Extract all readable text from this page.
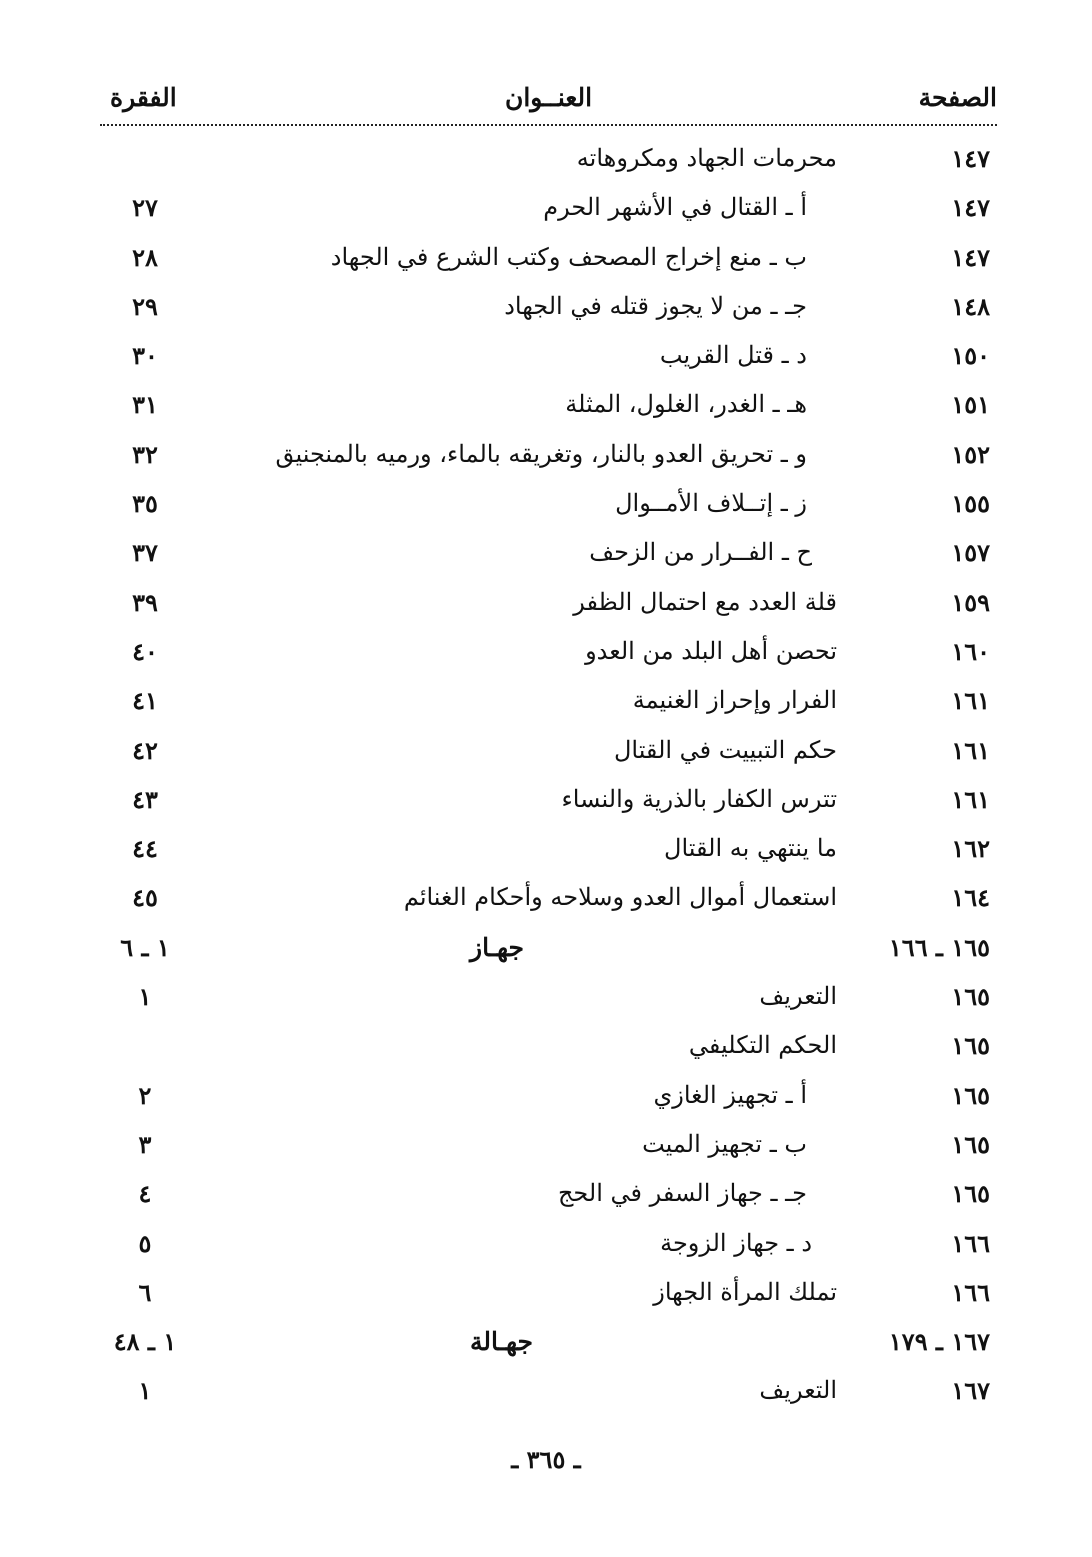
الصفحة
العنــوان
الفقرة
١٤٧
محرمات الجهاد ومكروهاته
١٤٧
أ ـ القتال في الأشهر الحرم
٢٧
١٤٧
ب ـ منع إخراج المصحف وكتب الشرع في الجهاد
٢٨
١٤٨
جـ ـ من لا يجوز قتله في الجهاد
٢٩
١٥٠
د ـ قتل القريب
٣٠
١٥١
هـ ـ الغدر، الغلول، المثلة
٣١
١٥٢
و ـ تحريق العدو بالنار، وتغريقه بالماء، ورميه بالمنجنيق
٣٢
١٥٥
ز ـ إتــلاف الأمــوال
٣٥
١٥٧
ح ـ الفــرار من الزحف
٣٧
١٥٩
قلة العدد مع احتمال الظفر
٣٩
١٦٠
تحصن أهل البلد من العدو
٤٠
١٦١
الفرار وإحراز الغنيمة
٤١
١٦١
حكم التبييت في القتال
٤٢
١٦١
تترس الكفار بالذرية والنساء
٤٣
١٦٢
ما ينتهي به القتال
٤٤
١٦٤
استعمال أموال العدو وسلاحه وأحكام الغنائم
٤٥
١٦٥ ـ ١٦٦
جهـاز
١ ـ ٦
١٦٥
التعريف
١
١٦٥
الحكم التكليفي
١٦٥
أ ـ تجهيز الغازي
٢
١٦٥
ب ـ تجهيز الميت
٣
١٦٥
جـ ـ جهاز السفر في الحج
٤
١٦٦
د ـ جهاز الزوجة
٥
١٦٦
تملك المرأة الجهاز
٦
١٦٧ ـ ١٧٩
جهـالة
١ ـ ٤٨
١٦٧
التعريف
١
ـ ٣٦٥ ـ
